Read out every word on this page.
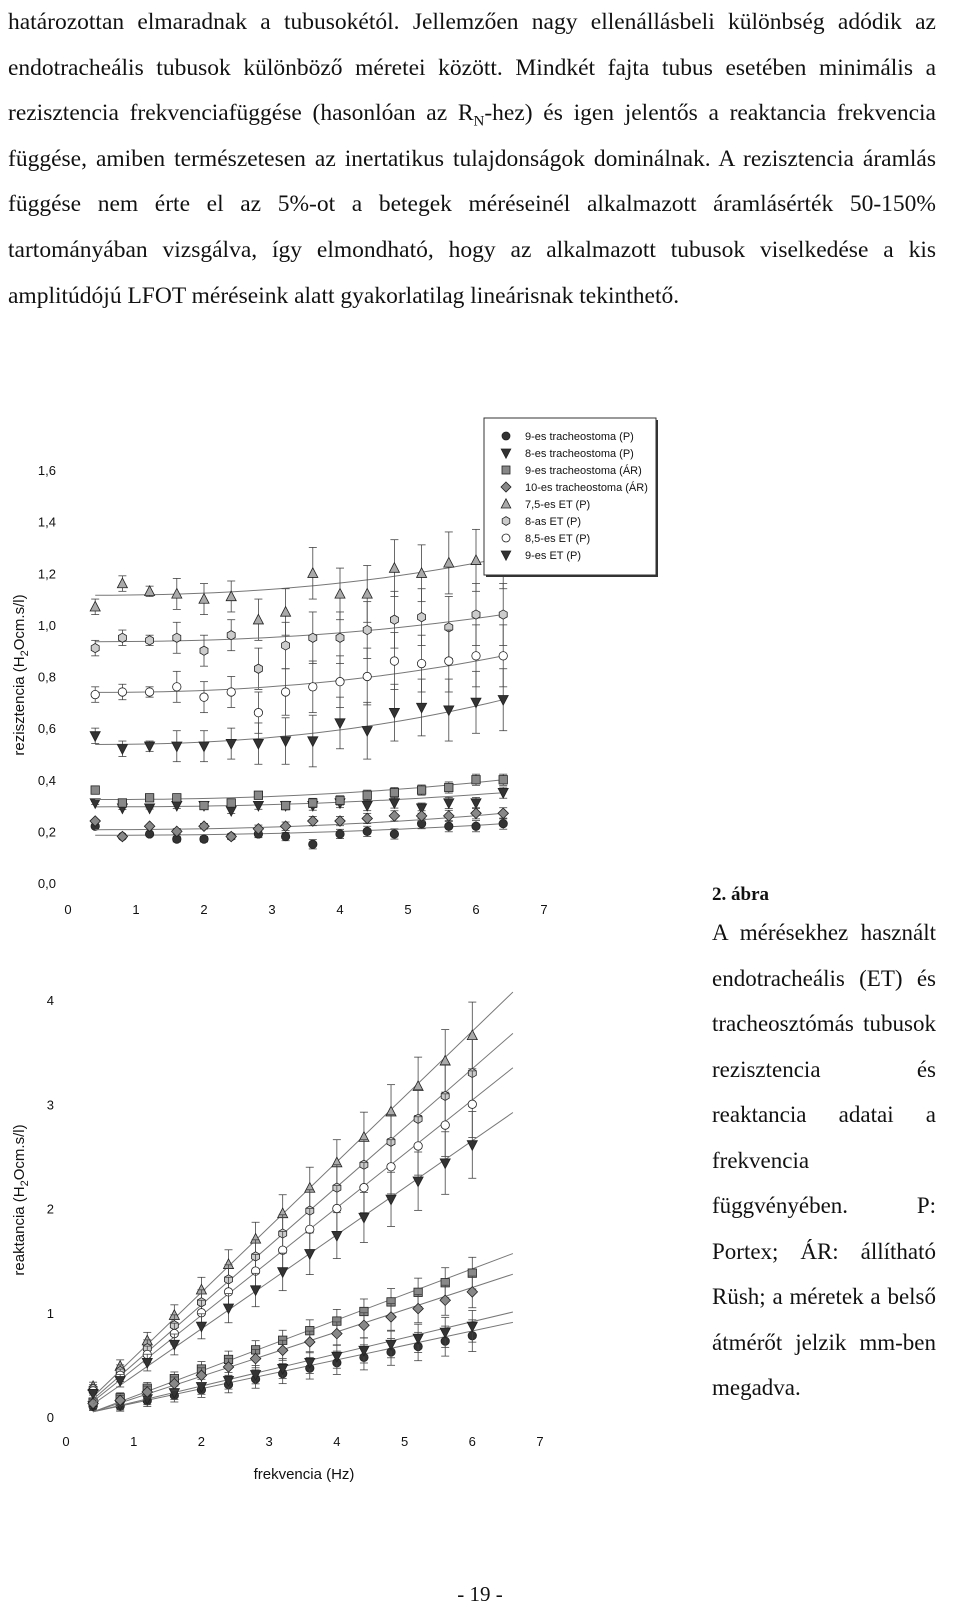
határozottan elmaradnak a tubusokétól. Jellemzően nagy ellenállásbeli különbség adódik az endotracheális tubusok különböző méretei között. Mindkét fajta tubus esetében minimális a rezisztencia frekvenciafüggése (hasonlóan az $R_N-hez$) és igen jelentős a reaktancia frekvencia függése, amiben természetesen az inertatikus tulajdonságok dominálnak. A rezisztencia áramlás függése nem érte el az 5%-ot a betegek méréseinél alkalmazott áramlásérték 50-150% tartományában vizsgálva, így elmondható, hogy az alkalmazott tubusok viselkedése a kis amplitúdójú LFOT méréseink alatt gyakorlatilag lineárisnak tekinthető.

0,0
0,2
0,4
0,6
0,8
1,0
1,2
1,4
1,6
0	1	2	3	4	5	6	7
rezisztencia $(H_2Ocm.s/l)$
9-es tracheostoma (P)
8-es tracheostoma (P)
9-es tracheostoma (ÁR)
10-es tracheostoma (ÁR)
7,5-es ET (P)
8-as ET (P)
8,5-es ET (P)
9-es ET (P)
0
1
2
3
4
0	1	2	3	4	5	6	7
frekvencia (Hz)
reaktancia $(H_2Ocm.s/l)$
2. ábra
A mérésekhez használt endotracheális (ET) és tracheosztómás tubusok rezisztencia és reaktancia adatai a frekvencia függvényében. P: Portex; ÁR: állítható Rüsh; a méretek a belső átmérőt jelzik mm-ben megadva.
- 19 -
